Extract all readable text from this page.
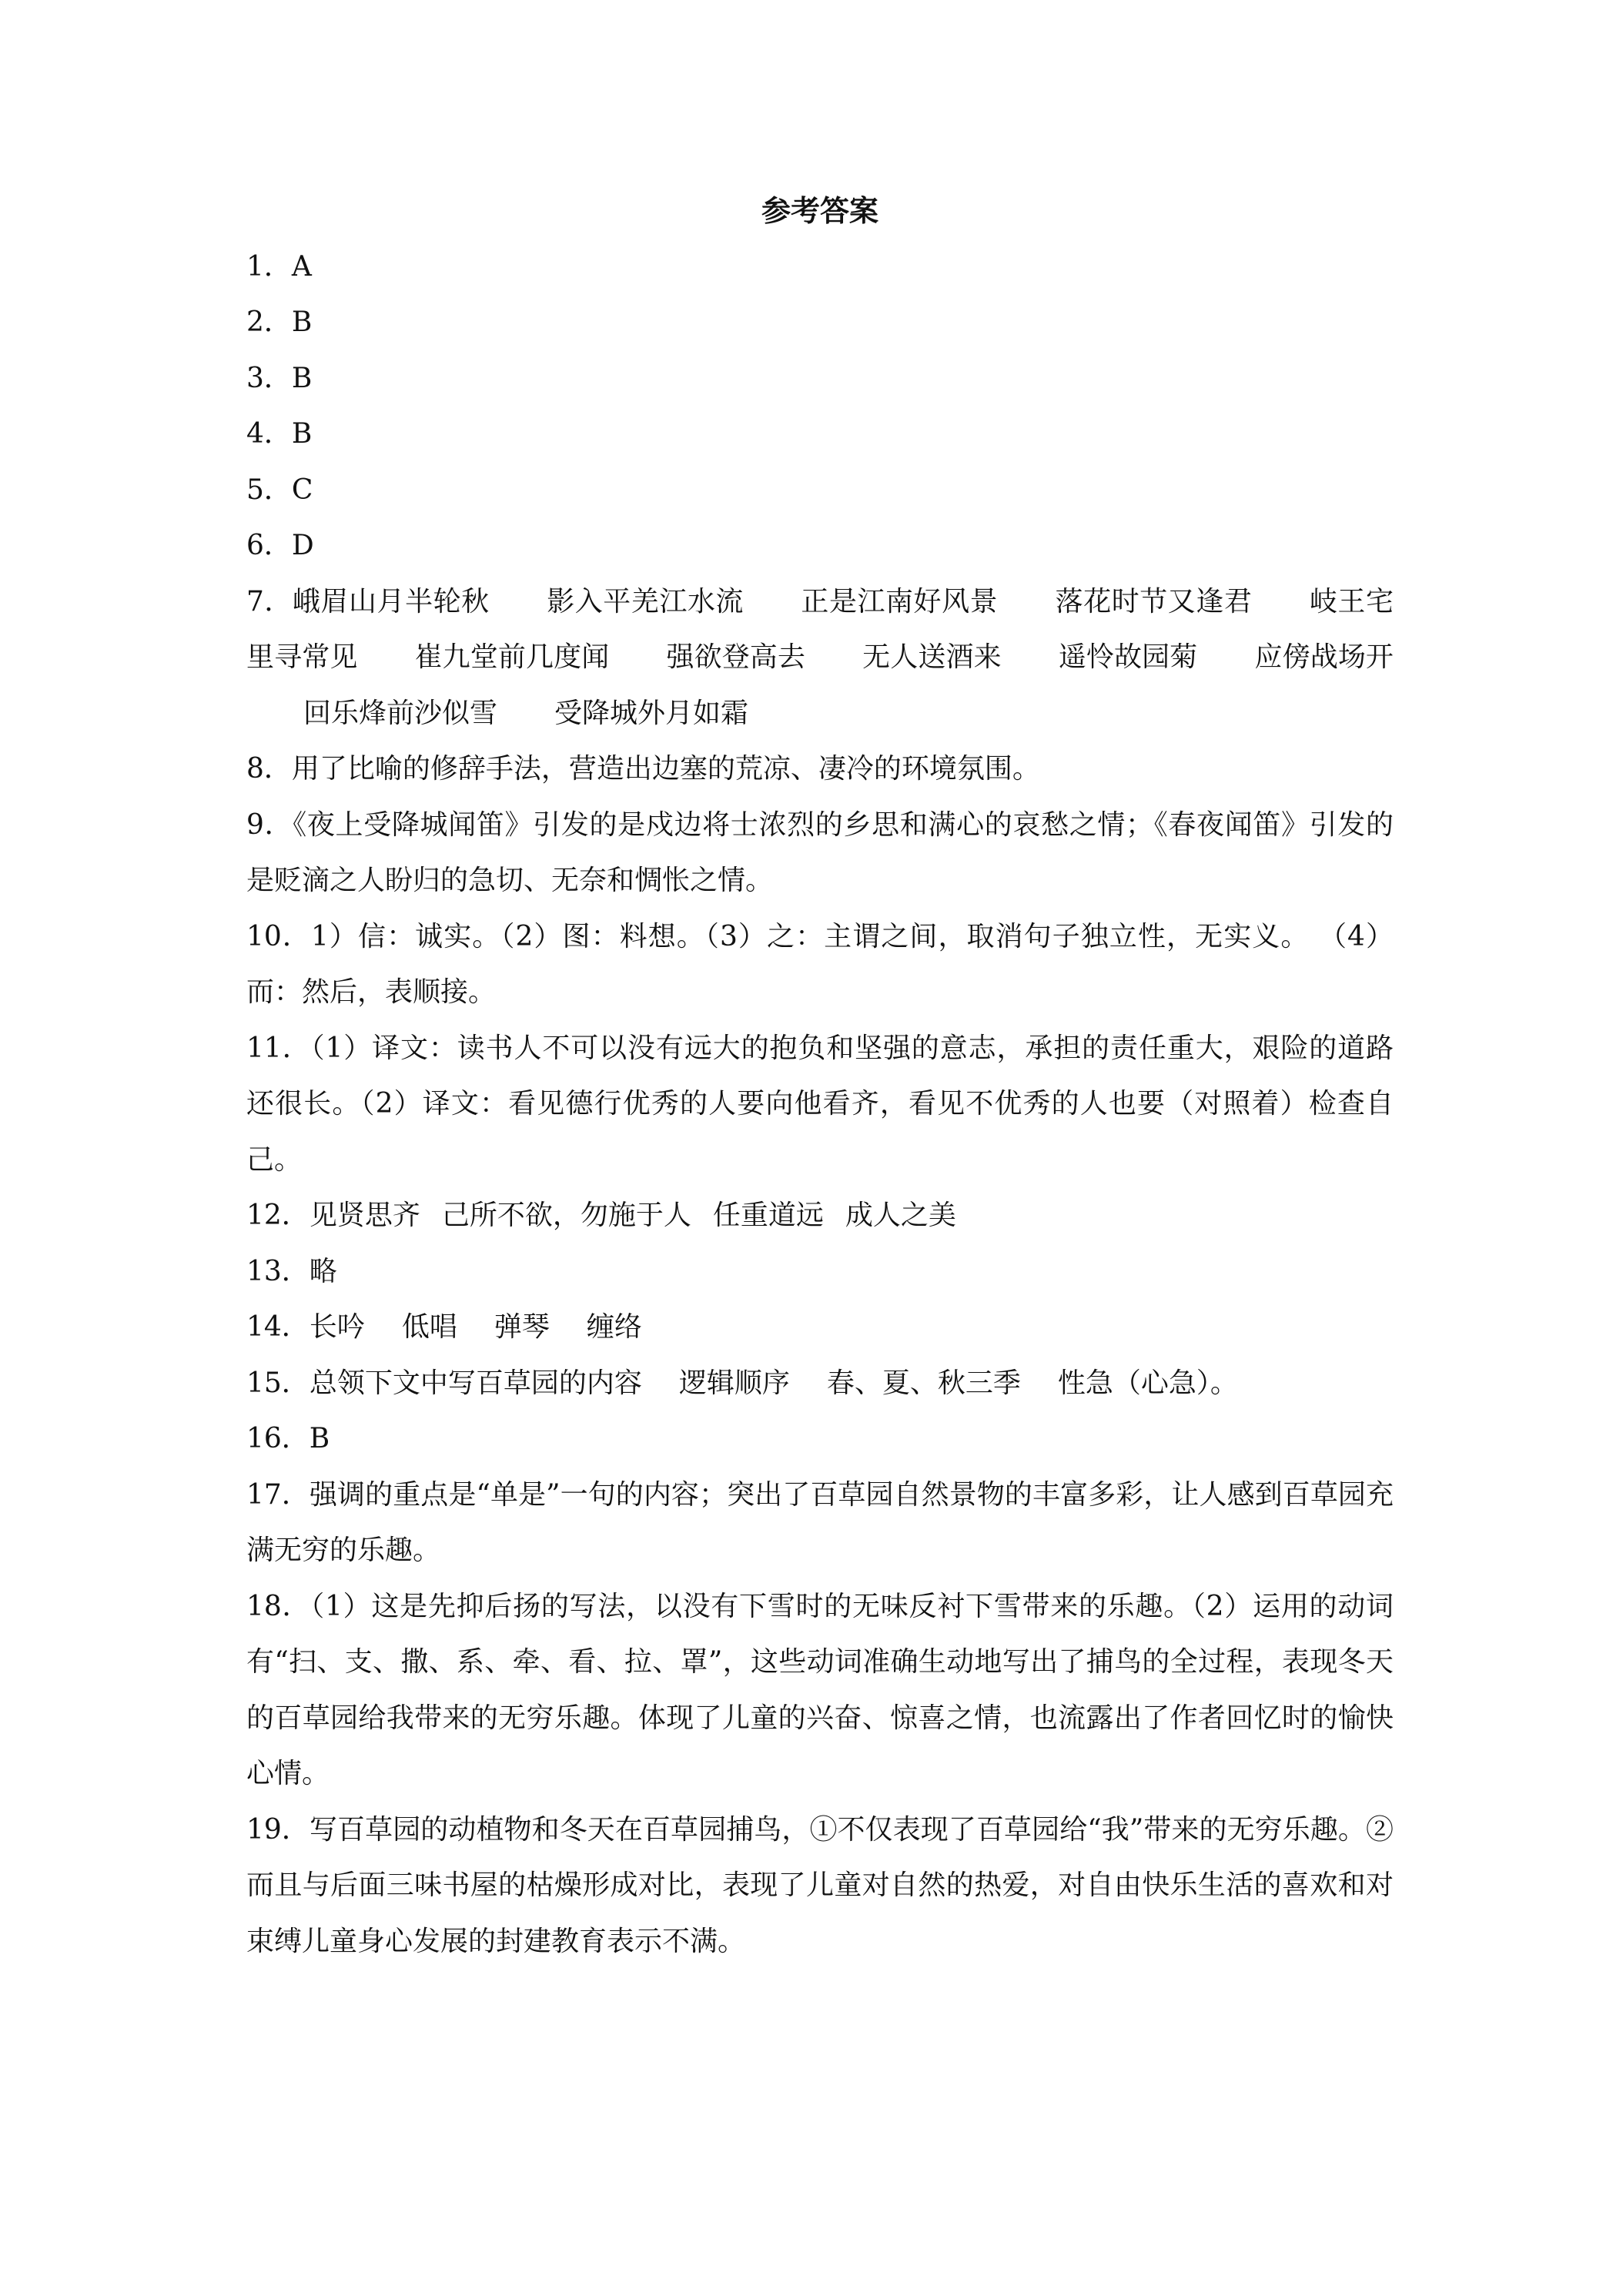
参考答案

1．A

2．B

3．B

4．B

5．C

6．D

7．峨眉山月半轮秋 影入平羌江水流 正是江南好风景 落花时节又逢君 岐王宅里寻常见 崔九堂前几度闻 强欲登高去 无人送酒来 遥怜故园菊 应傍战场开回乐烽前沙似雪 受降城外月如霜

8．用了比喻的修辞手法，营造出边塞的荒凉、凄冷的环境氛围。

9．《夜上受降城闻笛》引发的是戍边将士浓烈的乡思和满心的哀愁之情；《春夜闻笛》引发的是贬滴之人盼归的急切、无奈和惆怅之情。

10．1）信：诚实。（2）图：料想。（3）之：主谓之间，取消句子独立性，无实义。 （4）而：然后，表顺接。

11．（1）译文：读书人不可以没有远大的抱负和坚强的意志，承担的责任重大，艰险的道路还很长。（2）译文：看见德行优秀的人要向他看齐，看见不优秀的人也要（对照着）检查自己。

12．见贤思齐 己所不欲，勿施于人 任重道远 成人之美

13．略

14．长吟 低唱 弹琴 缠络

15．总领下文中写百草园的内容 逻辑顺序 春、夏、秋三季 性急（心急）。

16．B

17．强调的重点是“单是”一句的内容；突出了百草园自然景物的丰富多彩，让人感到百草园充满无穷的乐趣。

18．（1）这是先抑后扬的写法，以没有下雪时的无味反衬下雪带来的乐趣。（2）运用的动词有“扫、支、撒、系、牵、看、拉、罩”，这些动词准确生动地写出了捕鸟的全过程，表现冬天的百草园给我带来的无穷乐趣。体现了儿童的兴奋、惊喜之情，也流露出了作者回忆时的愉快心情。

19．写百草园的动植物和冬天在百草园捕鸟，①不仅表现了百草园给“我”带来的无穷乐趣。②而且与后面三味书屋的枯燥形成对比，表现了儿童对自然的热爱，对自由快乐生活的喜欢和对束缚儿童身心发展的封建教育表示不满。
